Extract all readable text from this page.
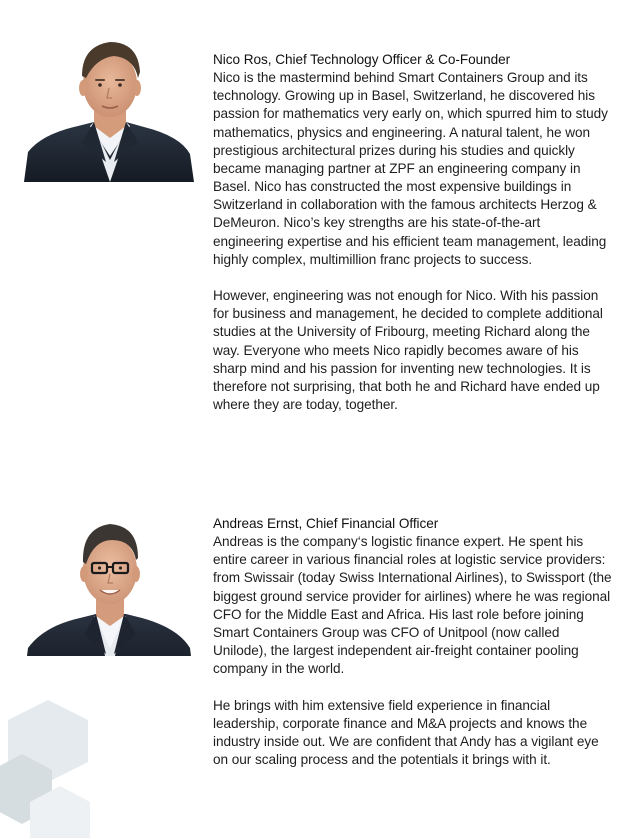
Nico Ros, Chief Technology Officer & Co-Founder

Nico is the mastermind behind Smart Containers Group and its technology. Growing up in Basel, Switzerland, he discovered his passion for mathematics very early on, which spurred him to study mathematics, physics and engineering. A natural talent, he won prestigious architectural prizes during his studies and quickly became managing partner at ZPF an engineering company in Basel. Nico has constructed the most expensive buildings in Switzerland in collaboration with the famous architects Herzog & DeMeuron. Nico’s key strengths are his state-of-the-art engineering expertise and his efficient team management, leading highly complex, multimillion franc projects to success.

However, engineering was not enough for Nico. With his passion for business and management, he decided to complete additional studies at the University of Fribourg, meeting Richard along the way. Everyone who meets Nico rapidly becomes aware of his sharp mind and his passion for inventing new technologies. It is therefore not surprising, that both he and Richard have ended up where they are today, together.

Andreas Ernst, Chief Financial Officer

Andreas is the company‘s logistic finance expert. He spent his entire career in various financial roles at logistic service providers: from Swissair (today Swiss International Airlines), to Swissport (the biggest ground service provider for airlines) where he was regional CFO for the Middle East and Africa. His last role before joining Smart Containers Group was CFO of Unitpool (now called Unilode), the largest independent air-freight container pooling company in the world.

He brings with him extensive field experience in financial leadership, corporate finance and M&A projects and knows the industry inside out. We are confident that Andy has a vigilant eye on our scaling process and the potentials it brings with it.
